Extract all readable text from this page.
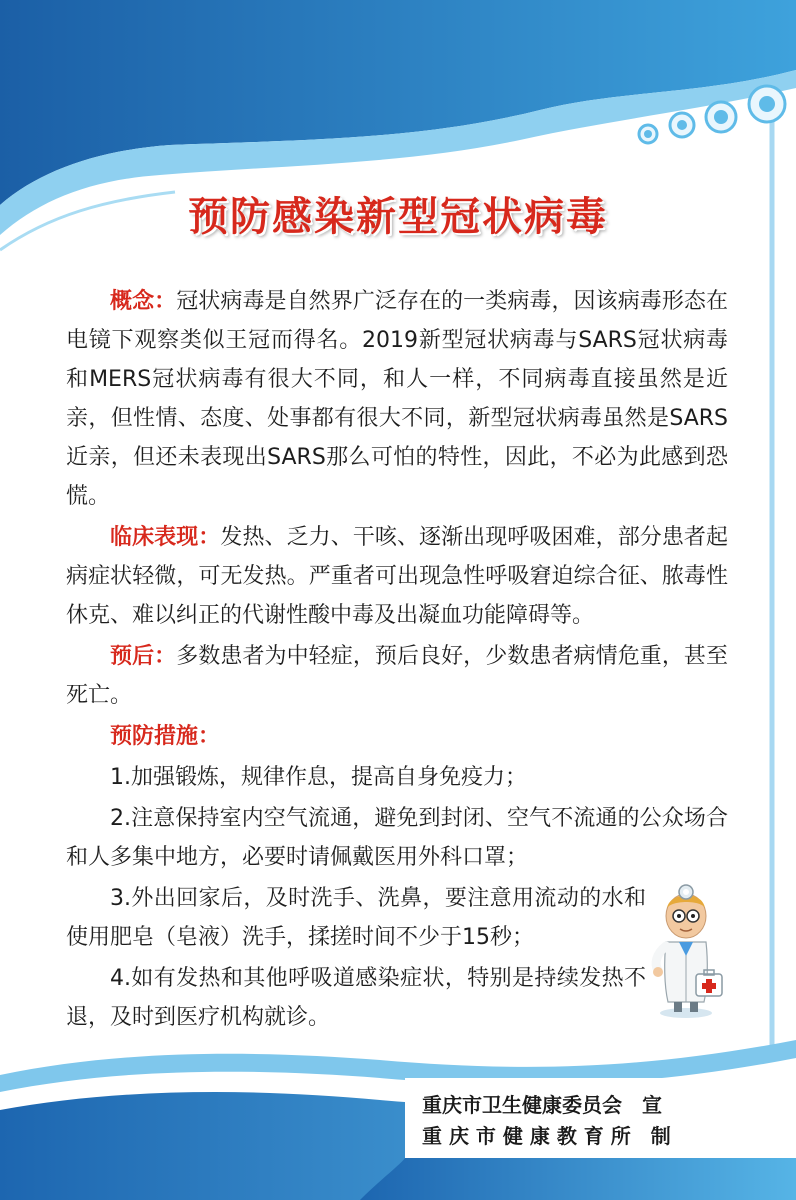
预防感染新型冠状病毒

概念：冠状病毒是自然界广泛存在的一类病毒，因该病毒形态在电镜下观察类似王冠而得名。2019新型冠状病毒与SARS冠状病毒和MERS冠状病毒有很大不同，和人一样，不同病毒直接虽然是近亲，但性情、态度、处事都有很大不同，新型冠状病毒虽然是SARS近亲，但还未表现出SARS那么可怕的特性，因此，不必为此感到恐慌。

临床表现：发热、乏力、干咳、逐渐出现呼吸困难，部分患者起病症状轻微，可无发热。严重者可出现急性呼吸窘迫综合征、脓毒性休克、难以纠正的代谢性酸中毒及出凝血功能障碍等。

预后：多数患者为中轻症，预后良好，少数患者病情危重，甚至死亡。

预防措施：

1.加强锻炼，规律作息，提高自身免疫力；

2.注意保持室内空气流通，避免到封闭、空气不流通的公众场合和人多集中地方，必要时请佩戴医用外科口罩；

3.外出回家后，及时洗手、洗鼻，要注意用流动的水和使用肥皂（皂液）洗手，揉搓时间不少于15秒；

4.如有发热和其他呼吸道感染症状，特别是持续发热不退，及时到医疗机构就诊。

重庆市卫生健康委员会　宣
重 庆 市 健 康 教 育 所　制
